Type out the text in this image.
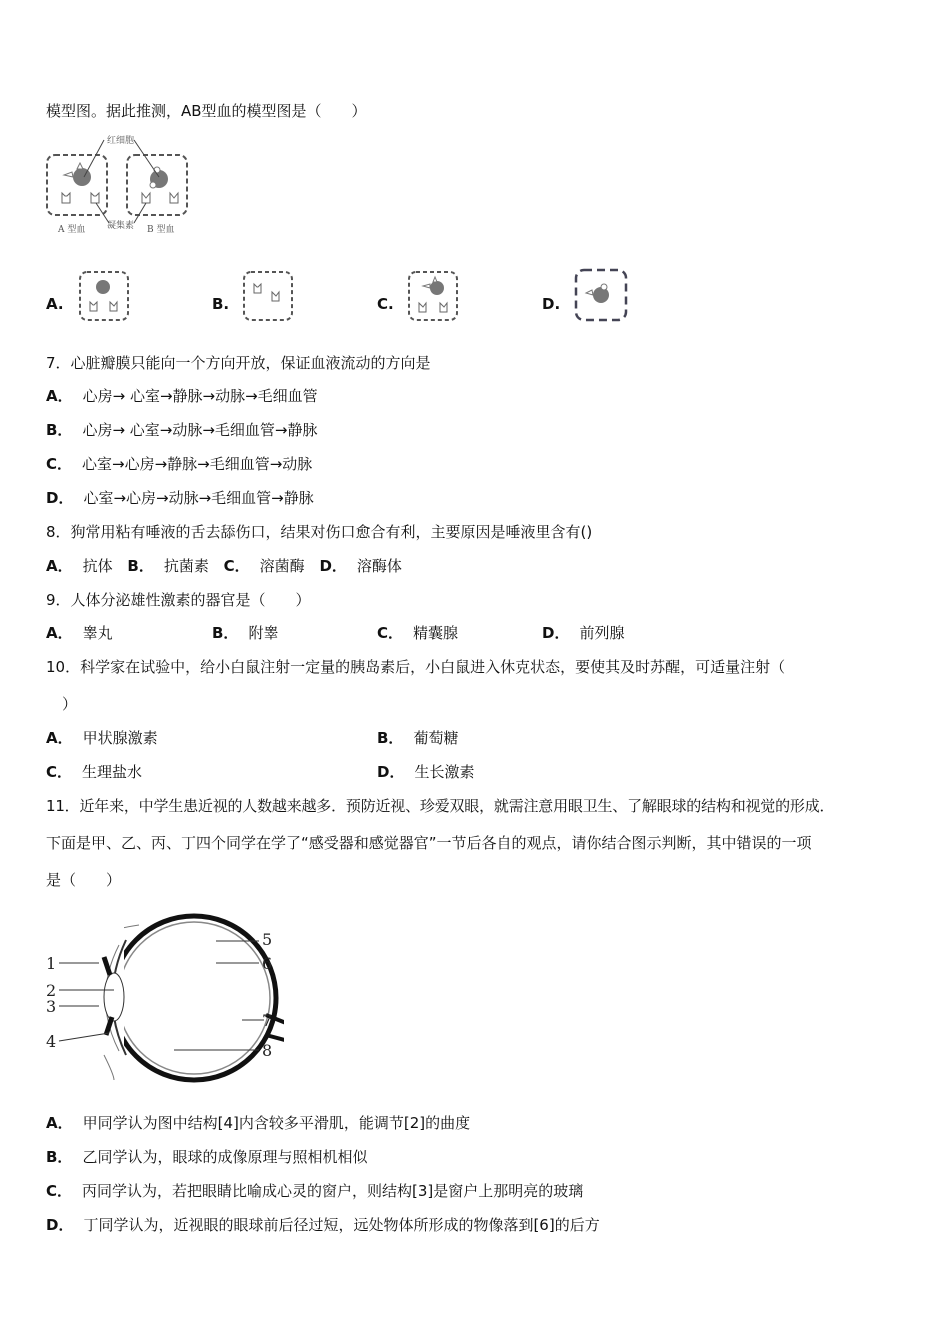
模型图。据此推测，AB型血的模型图是（　　）
红细胞
凝集素
A 型血	B 型血
A.	B.	C.	D.
7．心脏瓣膜只能向一个方向开放，保证血液流动的方向是
A． 心房→ 心室→静脉→动脉→毛细血管
B． 心房→ 心室→动脉→毛细血管→静脉
C． 心室→心房→静脉→毛细血管→动脉
D． 心室→心房→动脉→毛细血管→静脉
8．狗常用粘有唾液的舌去舔伤口，结果对伤口愈合有利，主要原因是唾液里含有()
A． 抗体 B． 抗菌素 C． 溶菌酶 D． 溶酶体
9．人体分泌雄性激素的器官是（　　）
A． 睾丸	B． 附睾	C． 精囊腺	D． 前列腺
10．科学家在试验中，给小白鼠注射一定量的胰岛素后，小白鼠进入休克状态，要使其及时苏醒，可适量注射（
）
A． 甲状腺激素	B． 葡萄糖
C． 生理盐水	D． 生长激素
11．近年来，中学生患近视的人数越来越多．预防近视、珍爱双眼，就需注意用眼卫生、了解眼球的结构和视觉的形成．
下面是甲、乙、丙、丁四个同学在学了“感受器和感觉器官”一节后各自的观点，请你结合图示判断，其中错误的一项
是（　　）
1
2
3
4
5
6
7
8
A． 甲同学认为图中结构[4]内含较多平滑肌，能调节[2]的曲度
B． 乙同学认为，眼球的成像原理与照相机相似
C． 丙同学认为，若把眼睛比喻成心灵的窗户，则结构[3]是窗户上那明亮的玻璃
D． 丁同学认为，近视眼的眼球前后径过短，远处物体所形成的物像落到[6]的后方
